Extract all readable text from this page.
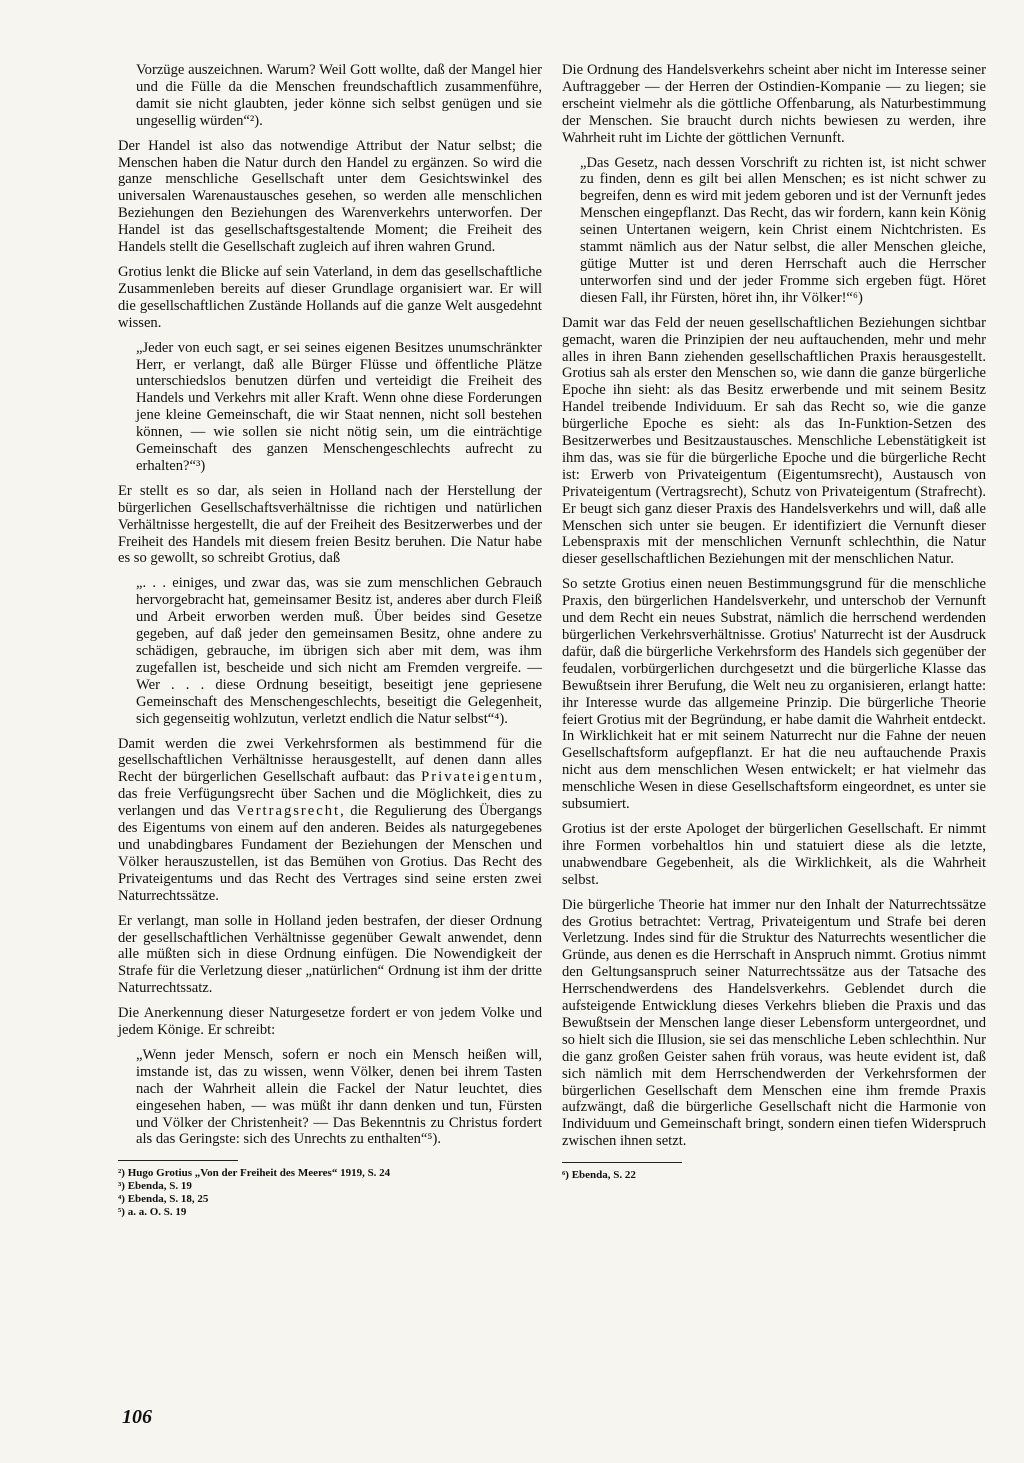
Vorzüge auszeichnen. Warum? Weil Gott wollte, daß der Mangel hier und die Fülle da die Menschen freundschaftlich zusammenführe, damit sie nicht glaubten, jeder könne sich selbst genügen und sie ungesellig würden“²).

Der Handel ist also das notwendige Attribut der Natur selbst; die Menschen haben die Natur durch den Handel zu ergänzen. So wird die ganze menschliche Gesellschaft unter dem Gesichtswinkel des universalen Warenaustausches gesehen, so werden alle menschlichen Beziehungen den Beziehungen des Warenverkehrs unterworfen. Der Handel ist das gesellschaftsgestaltende Moment; die Freiheit des Handels stellt die Gesellschaft zugleich auf ihren wahren Grund.

Grotius lenkt die Blicke auf sein Vaterland, in dem das gesellschaftliche Zusammenleben bereits auf dieser Grundlage organisiert war. Er will die gesellschaftlichen Zustände Hollands auf die ganze Welt ausgedehnt wissen.

„Jeder von euch sagt, er sei seines eigenen Besitzes unumschränkter Herr, er verlangt, daß alle Bürger Flüsse und öffentliche Plätze unterschiedslos benutzen dürfen und verteidigt die Freiheit des Handels und Verkehrs mit aller Kraft. Wenn ohne diese Forderungen jene kleine Gemeinschaft, die wir Staat nennen, nicht soll bestehen können, — wie sollen sie nicht nötig sein, um die einträchtige Gemeinschaft des ganzen Menschengeschlechts aufrecht zu erhalten?“³)

Er stellt es so dar, als seien in Holland nach der Herstellung der bürgerlichen Gesellschaftsverhältnisse die richtigen und natürlichen Verhältnisse hergestellt, die auf der Freiheit des Besitzerwerbes und der Freiheit des Handels mit diesem freien Besitz beruhen. Die Natur habe es so gewollt, so schreibt Grotius, daß

„. . . einiges, und zwar das, was sie zum menschlichen Gebrauch hervorgebracht hat, gemeinsamer Besitz ist, anderes aber durch Fleiß und Arbeit erworben werden muß. Über beides sind Gesetze gegeben, auf daß jeder den gemeinsamen Besitz, ohne andere zu schädigen, gebrauche, im übrigen sich aber mit dem, was ihm zugefallen ist, bescheide und sich nicht am Fremden vergreife. — Wer . . . diese Ordnung beseitigt, beseitigt jene gepriesene Gemeinschaft des Menschengeschlechts, beseitigt die Gelegenheit, sich gegenseitig wohlzutun, verletzt endlich die Natur selbst“⁴).

Damit werden die zwei Verkehrsformen als bestimmend für die gesellschaftlichen Verhältnisse herausgestellt, auf denen dann alles Recht der bürgerlichen Gesellschaft aufbaut: das Privateigentum, das freie Verfügungsrecht über Sachen und die Möglichkeit, dies zu verlangen und das Vertragsrecht, die Regulierung des Übergangs des Eigentums von einem auf den anderen. Beides als naturgegebenes und unabdingbares Fundament der Beziehungen der Menschen und Völker herauszustellen, ist das Bemühen von Grotius. Das Recht des Privateigentums und das Recht des Vertrages sind seine ersten zwei Naturrechtssätze.

Er verlangt, man solle in Holland jeden bestrafen, der dieser Ordnung der gesellschaftlichen Verhältnisse gegenüber Gewalt anwendet, denn alle müßten sich in diese Ordnung einfügen. Die Nowendigkeit der Strafe für die Verletzung dieser „natürlichen“ Ordnung ist ihm der dritte Naturrechtssatz.

Die Anerkennung dieser Naturgesetze fordert er von jedem Volke und jedem Könige. Er schreibt:

„Wenn jeder Mensch, sofern er noch ein Mensch heißen will, imstande ist, das zu wissen, wenn Völker, denen bei ihrem Tasten nach der Wahrheit allein die Fackel der Natur leuchtet, dies eingesehen haben, — was müßt ihr dann denken und tun, Fürsten und Völker der Christenheit? — Das Bekenntnis zu Christus fordert als das Geringste: sich des Unrechts zu enthalten“⁵).

²) Hugo Grotius „Von der Freiheit des Meeres“ 1919, S. 24

³) Ebenda, S. 19

⁴) Ebenda, S. 18, 25

⁵) a. a. O. S. 19

Die Ordnung des Handelsverkehrs scheint aber nicht im Interesse seiner Auftraggeber — der Herren der Ostindien-Kompanie — zu liegen; sie erscheint vielmehr als die göttliche Offenbarung, als Naturbestimmung der Menschen. Sie braucht durch nichts bewiesen zu werden, ihre Wahrheit ruht im Lichte der göttlichen Vernunft.

„Das Gesetz, nach dessen Vorschrift zu richten ist, ist nicht schwer zu finden, denn es gilt bei allen Menschen; es ist nicht schwer zu begreifen, denn es wird mit jedem geboren und ist der Vernunft jedes Menschen eingepflanzt. Das Recht, das wir fordern, kann kein König seinen Untertanen weigern, kein Christ einem Nichtchristen. Es stammt nämlich aus der Natur selbst, die aller Menschen gleiche, gütige Mutter ist und deren Herrschaft auch die Herrscher unterworfen sind und der jeder Fromme sich ergeben fügt. Höret diesen Fall, ihr Fürsten, höret ihn, ihr Völker!“⁶)

Damit war das Feld der neuen gesellschaftlichen Beziehungen sichtbar gemacht, waren die Prinzipien der neu auftauchenden, mehr und mehr alles in ihren Bann ziehenden gesellschaftlichen Praxis herausgestellt. Grotius sah als erster den Menschen so, wie dann die ganze bürgerliche Epoche ihn sieht: als das Besitz erwerbende und mit seinem Besitz Handel treibende Individuum. Er sah das Recht so, wie die ganze bürgerliche Epoche es sieht: als das In-Funktion-Setzen des Besitzerwerbes und Besitzaustausches. Menschliche Lebenstätigkeit ist ihm das, was sie für die bürgerliche Epoche und die bürgerliche Recht ist: Erwerb von Privateigentum (Eigentumsrecht), Austausch von Privateigentum (Vertragsrecht), Schutz von Privateigentum (Strafrecht). Er beugt sich ganz dieser Praxis des Handelsverkehrs und will, daß alle Menschen sich unter sie beugen. Er identifiziert die Vernunft dieser Lebenspraxis mit der menschlichen Vernunft schlechthin, die Natur dieser gesellschaftlichen Beziehungen mit der menschlichen Natur.

So setzte Grotius einen neuen Bestimmungsgrund für die menschliche Praxis, den bürgerlichen Handelsverkehr, und unterschob der Vernunft und dem Recht ein neues Substrat, nämlich die herrschend werdenden bürgerlichen Verkehrsverhältnisse. Grotius' Naturrecht ist der Ausdruck dafür, daß die bürgerliche Verkehrsform des Handels sich gegenüber der feudalen, vorbürgerlichen durchgesetzt und die bürgerliche Klasse das Bewußtsein ihrer Berufung, die Welt neu zu organisieren, erlangt hatte: ihr Interesse wurde das allgemeine Prinzip. Die bürgerliche Theorie feiert Grotius mit der Begründung, er habe damit die Wahrheit entdeckt. In Wirklichkeit hat er mit seinem Naturrecht nur die Fahne der neuen Gesellschaftsform aufgepflanzt. Er hat die neu auftauchende Praxis nicht aus dem menschlichen Wesen entwickelt; er hat vielmehr das menschliche Wesen in diese Gesellschaftsform eingeordnet, es unter sie subsumiert.

Grotius ist der erste Apologet der bürgerlichen Gesellschaft. Er nimmt ihre Formen vorbehaltlos hin und statuiert diese als die letzte, unabwendbare Gegebenheit, als die Wirklichkeit, als die Wahrheit selbst.

Die bürgerliche Theorie hat immer nur den Inhalt der Naturrechtssätze des Grotius betrachtet: Vertrag, Privateigentum und Strafe bei deren Verletzung. Indes sind für die Struktur des Naturrechts wesentlicher die Gründe, aus denen es die Herrschaft in Anspruch nimmt. Grotius nimmt den Geltungsanspruch seiner Naturrechtssätze aus der Tatsache des Herrschendwerdens des Handelsverkehrs. Geblendet durch die aufsteigende Entwicklung dieses Verkehrs blieben die Praxis und das Bewußtsein der Menschen lange dieser Lebensform untergeordnet, und so hielt sich die Illusion, sie sei das menschliche Leben schlechthin. Nur die ganz großen Geister sahen früh voraus, was heute evident ist, daß sich nämlich mit dem Herrschendwerden der Verkehrsformen der bürgerlichen Gesellschaft dem Menschen eine ihm fremde Praxis aufzwängt, daß die bürgerliche Gesellschaft nicht die Harmonie von Individuum und Gemeinschaft bringt, sondern einen tiefen Widerspruch zwischen ihnen setzt.

⁶) Ebenda, S. 22

106
